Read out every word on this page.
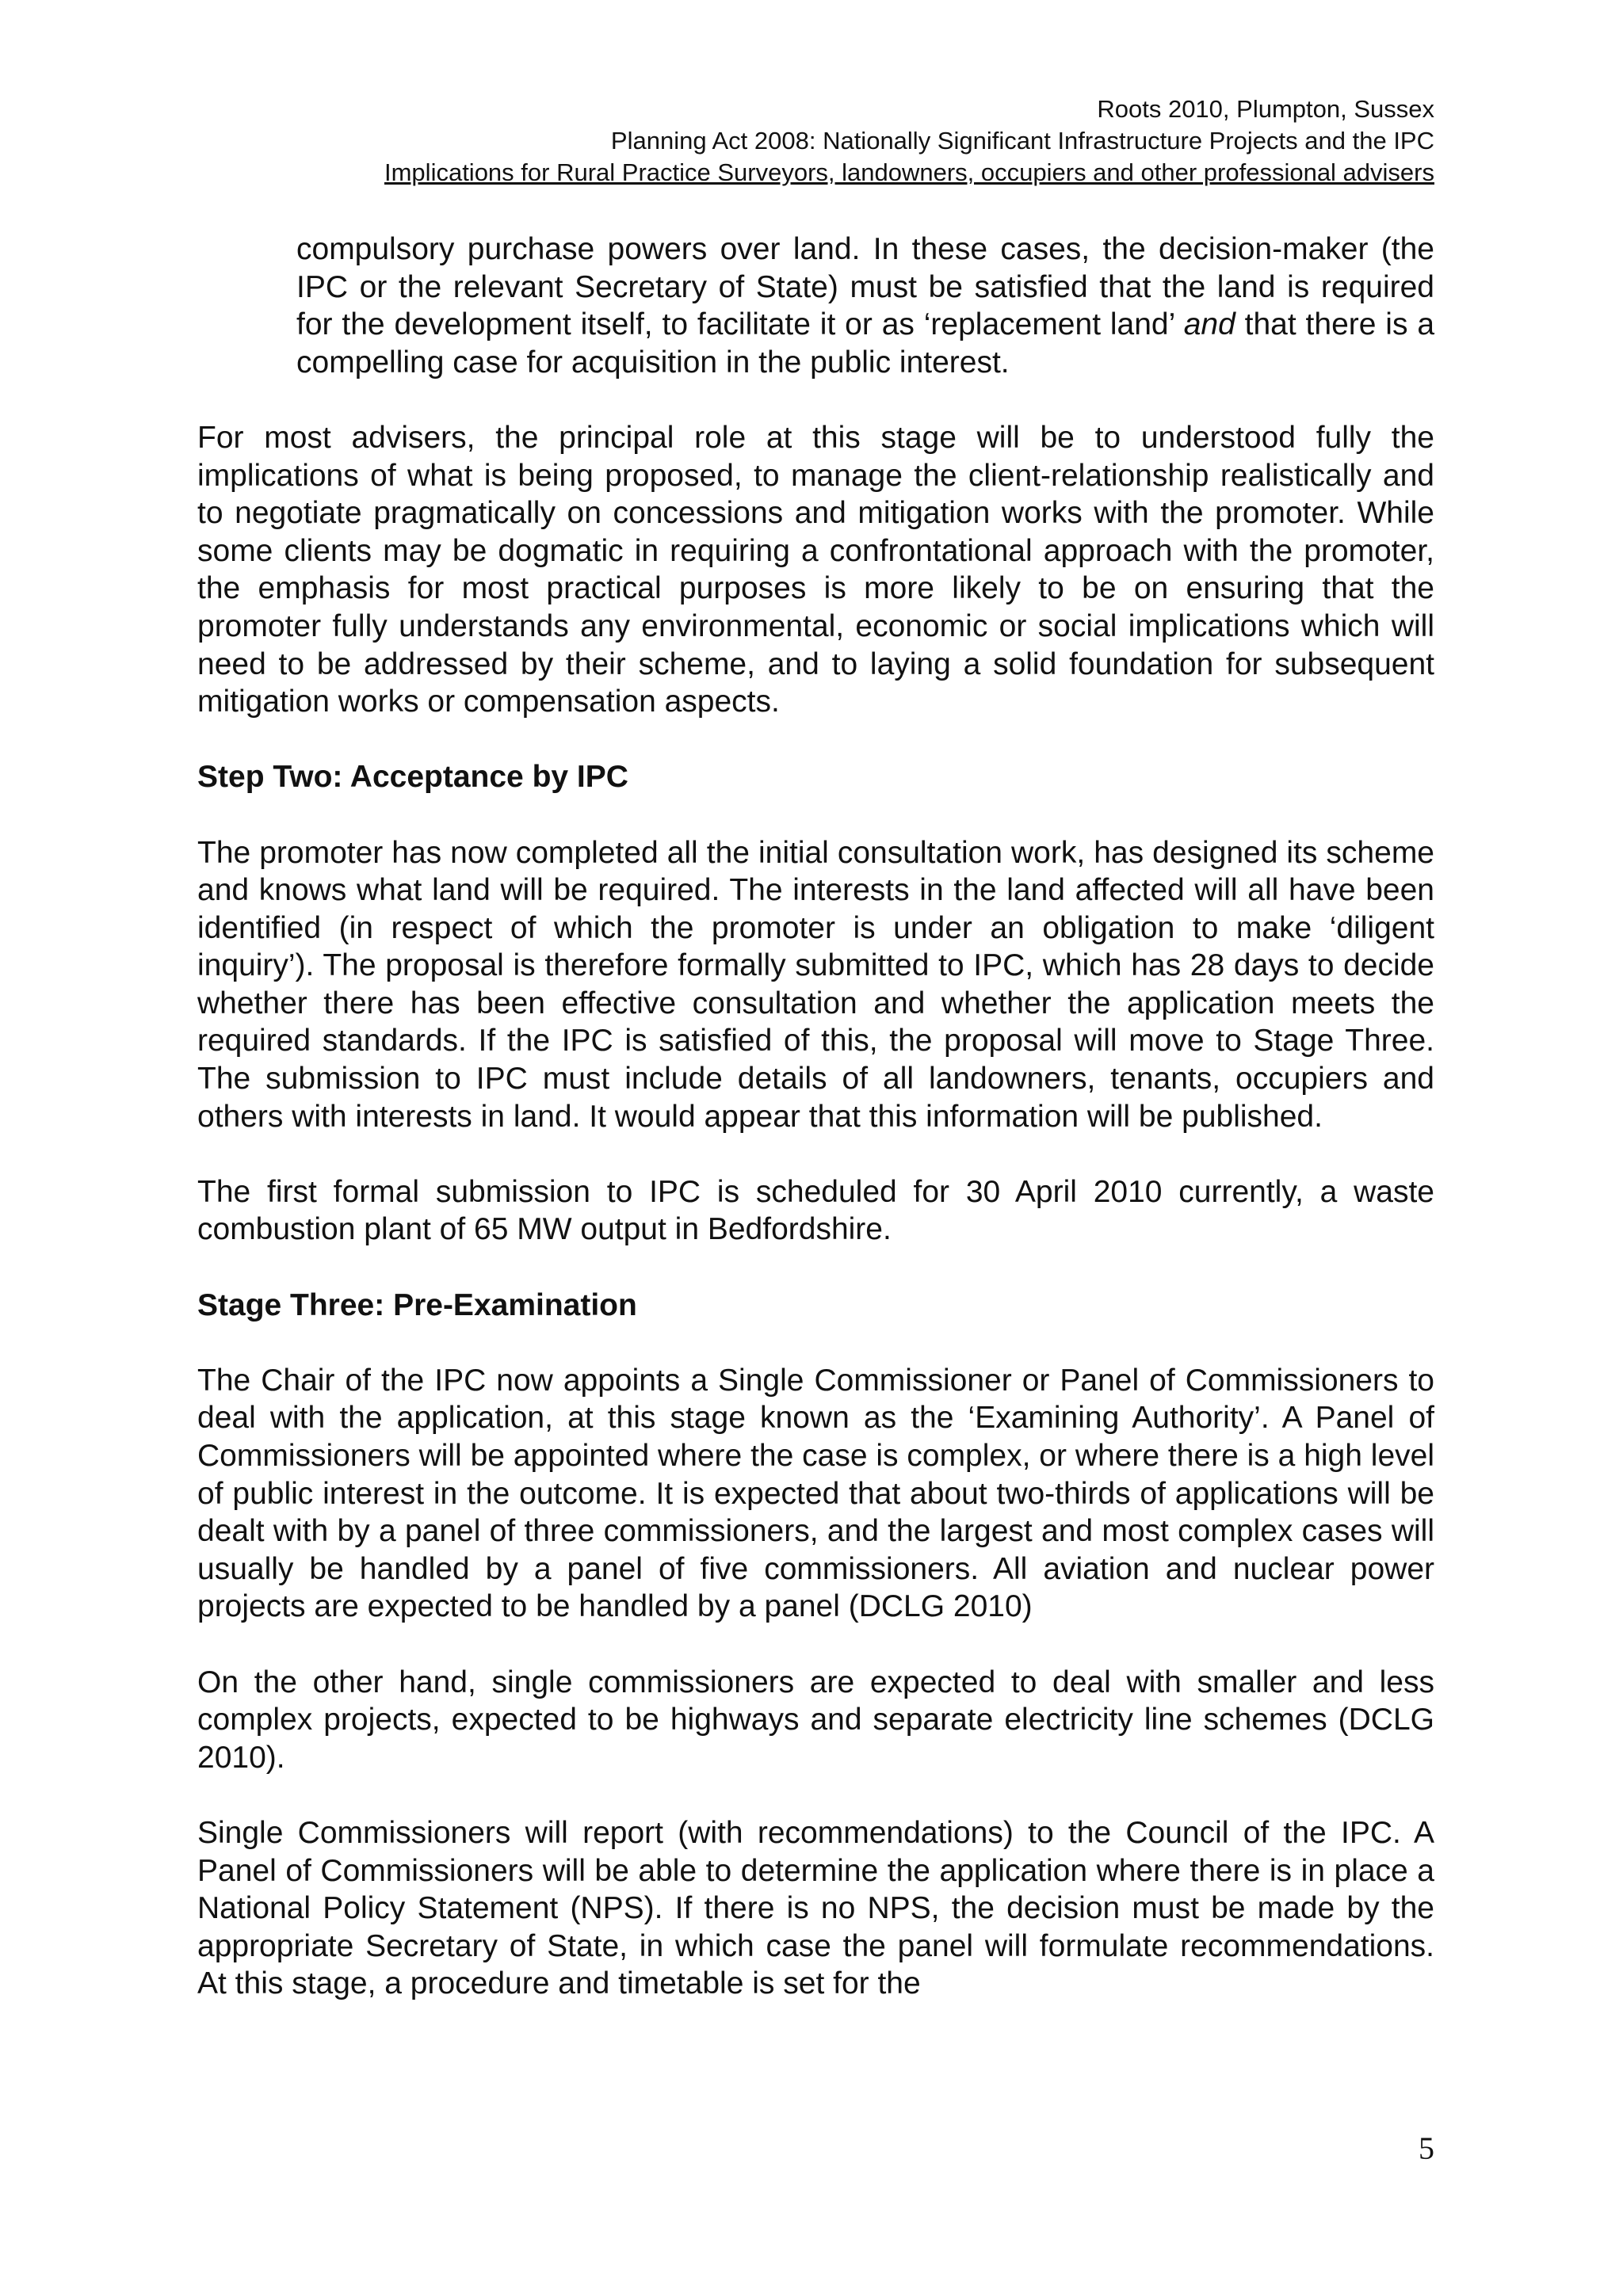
Roots 2010, Plumpton, Sussex
Planning Act 2008: Nationally Significant Infrastructure Projects and the IPC
Implications for Rural Practice Surveyors, landowners, occupiers and other professional advisers

compulsory purchase powers over land. In these cases, the decision-maker (the IPC or the relevant Secretary of State) must be satisfied that the land is required for the development itself, to facilitate it or as ‘replacement land’ and that there is a compelling case for acquisition in the public interest.

For most advisers, the principal role at this stage will be to understood fully the implications of what is being proposed, to manage the client-relationship realistically and to negotiate pragmatically on concessions and mitigation works with the promoter. While some clients may be dogmatic in requiring a confrontational approach with the promoter, the emphasis for most practical purposes is more likely to be on ensuring that the promoter fully understands any environmental, economic or social implications which will need to be addressed by their scheme, and to laying a solid foundation for subsequent mitigation works or compensation aspects.

Step Two: Acceptance by IPC

The promoter has now completed all the initial consultation work, has designed its scheme and knows what land will be required. The interests in the land affected will all have been identified (in respect of which the promoter is under an obligation to make ‘diligent inquiry’). The proposal is therefore formally submitted to IPC, which has 28 days to decide whether there has been effective consultation and whether the application meets the required standards. If the IPC is satisfied of this, the proposal will move to Stage Three. The submission to IPC must include details of all landowners, tenants, occupiers and others with interests in land. It would appear that this information will be published.

The first formal submission to IPC is scheduled for 30 April 2010 currently, a waste combustion plant of 65 MW output in Bedfordshire.

Stage Three: Pre-Examination

The Chair of the IPC now appoints a Single Commissioner or Panel of Commissioners to deal with the application, at this stage known as the ‘Examining Authority’. A Panel of Commissioners will be appointed where the case is complex, or where there is a high level of public interest in the outcome. It is expected that about two-thirds of applications will be dealt with by a panel of three commissioners, and the largest and most complex cases will usually be handled by a panel of five commissioners. All aviation and nuclear power projects are expected to be handled by a panel (DCLG 2010)

On the other hand, single commissioners are expected to deal with smaller and less complex projects, expected to be highways and separate electricity line schemes (DCLG 2010).

Single Commissioners will report (with recommendations) to the Council of the IPC. A Panel of Commissioners will be able to determine the application where there is in place a National Policy Statement (NPS). If there is no NPS, the decision must be made by the appropriate Secretary of State, in which case the panel will formulate recommendations. At this stage, a procedure and timetable is set for the

5
